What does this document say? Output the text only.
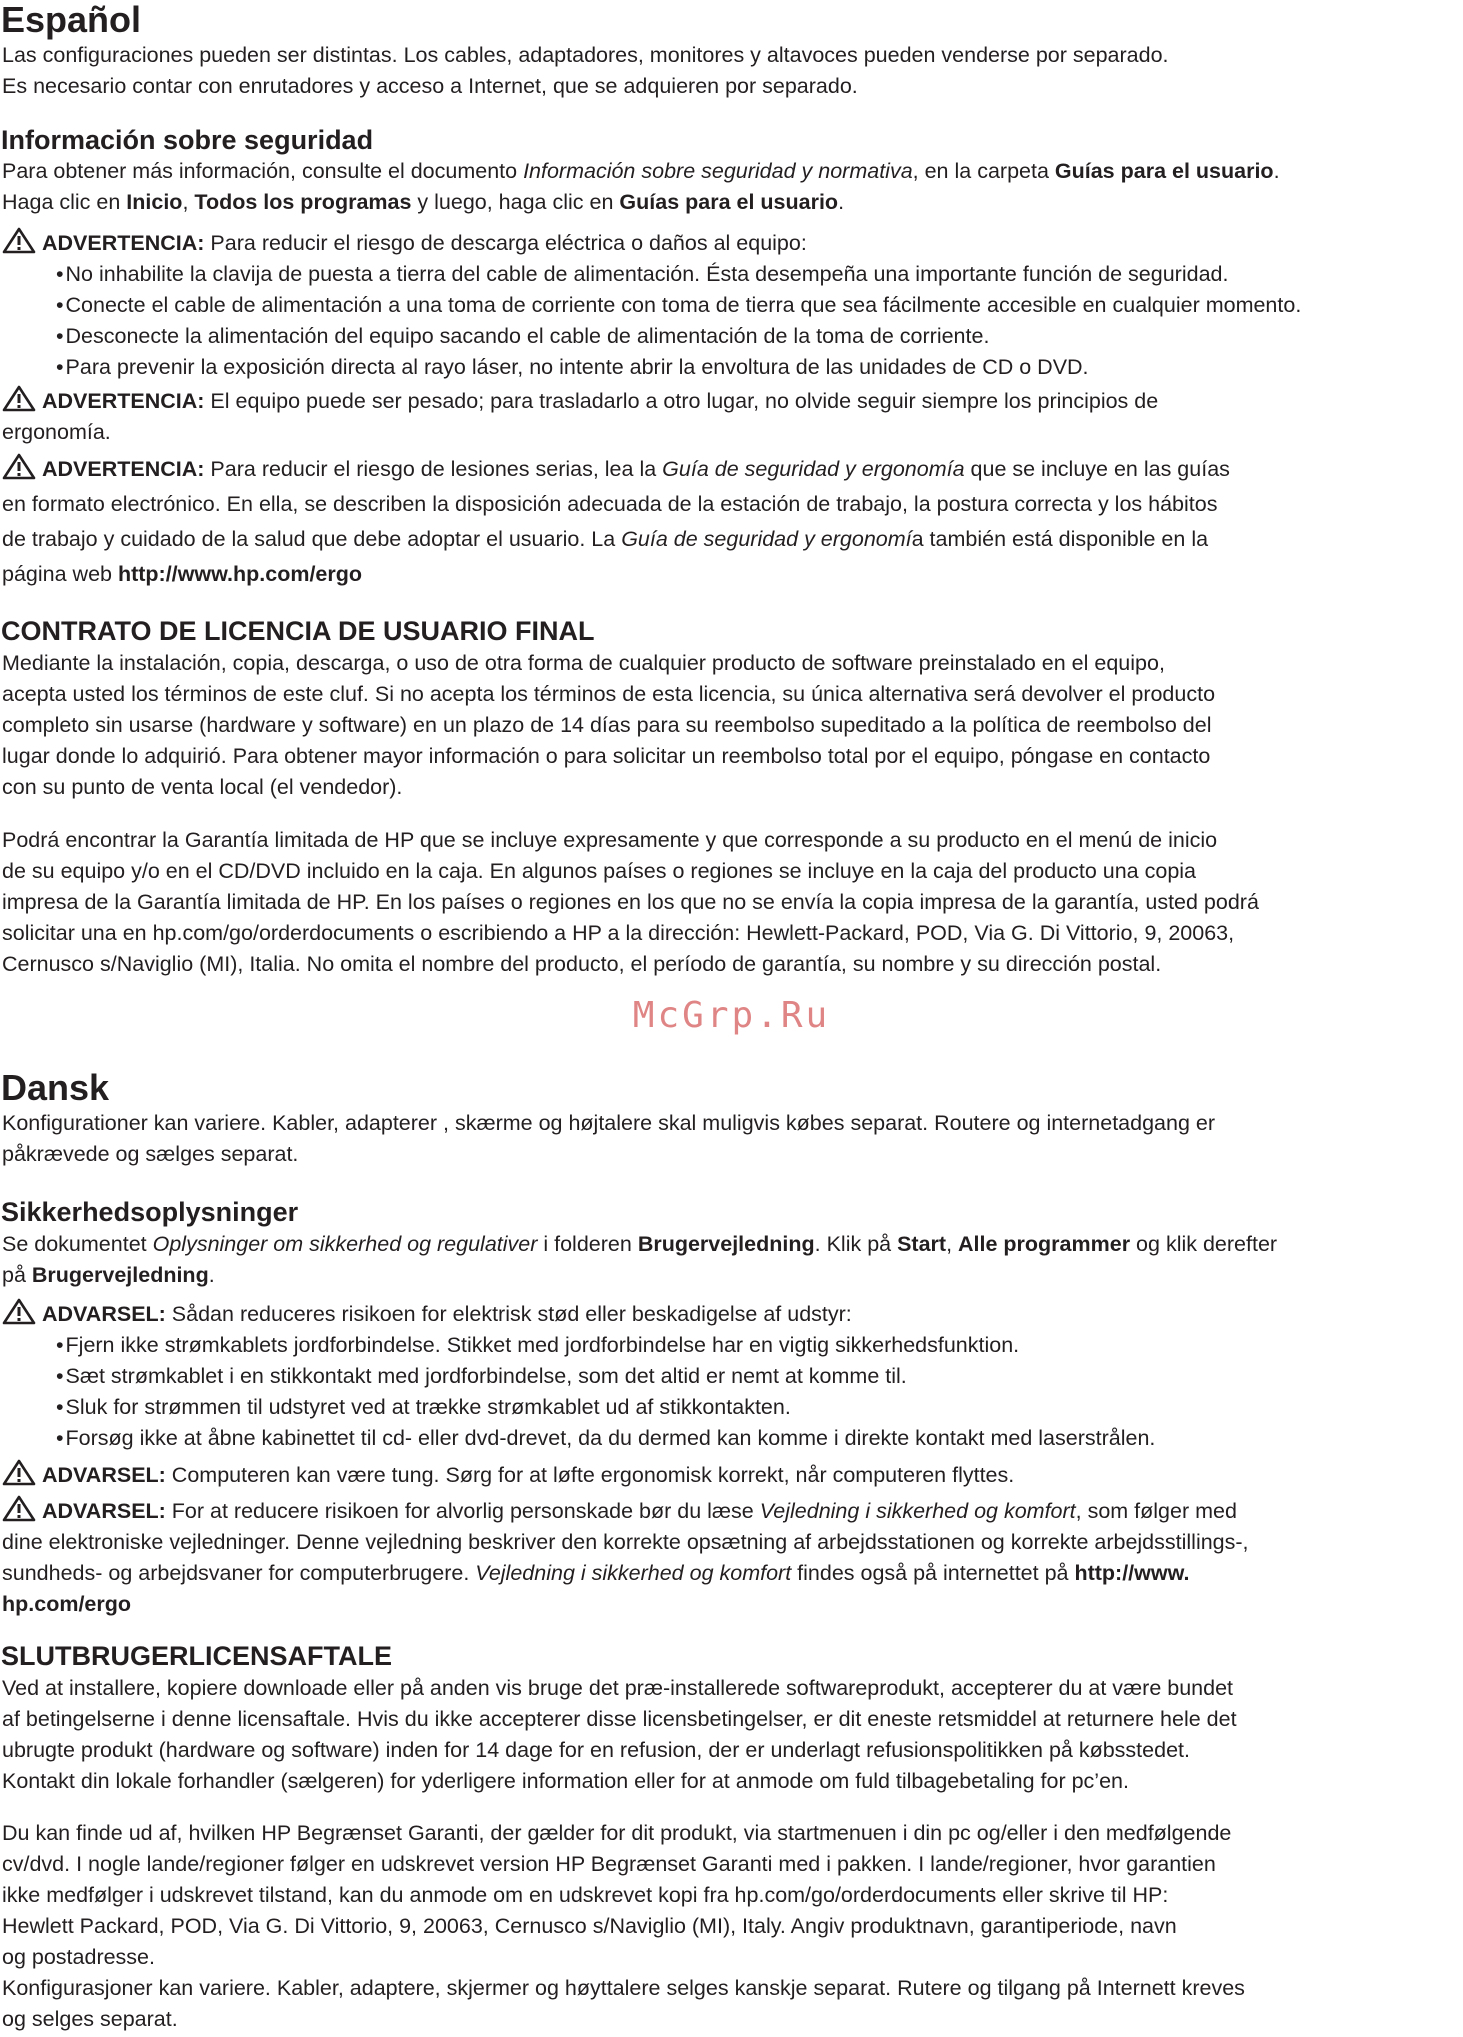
Español
Las configuraciones pueden ser distintas. Los cables, adaptadores, monitores y altavoces pueden venderse por separado.
Es necesario contar con enrutadores y acceso a Internet, que se adquieren por separado.
Información sobre seguridad
Para obtener más información, consulte el documento Información sobre seguridad y normativa, en la carpeta Guías para el usuario.
Haga clic en Inicio, Todos los programas y luego, haga clic en Guías para el usuario.
ADVERTENCIA: Para reducir el riesgo de descarga eléctrica o daños al equipo:
•No inhabilite la clavija de puesta a tierra del cable de alimentación. Ésta desempeña una importante función de seguridad.
•Conecte el cable de alimentación a una toma de corriente con toma de tierra que sea fácilmente accesible en cualquier momento.
•Desconecte la alimentación del equipo sacando el cable de alimentación de la toma de corriente.
•Para prevenir la exposición directa al rayo láser, no intente abrir la envoltura de las unidades de CD o DVD.
ADVERTENCIA: El equipo puede ser pesado; para trasladarlo a otro lugar, no olvide seguir siempre los principios de
ergonomía.
ADVERTENCIA: Para reducir el riesgo de lesiones serias, lea la Guía de seguridad y ergonomía que se incluye en las guías
en formato electrónico. En ella, se describen la disposición adecuada de la estación de trabajo, la postura correcta y los hábitos
de trabajo y cuidado de la salud que debe adoptar el usuario. La Guía de seguridad y ergonomía también está disponible en la
página web http://www.hp.com/ergo
CONTRATO DE LICENCIA DE USUARIO FINAL
Mediante la instalación, copia, descarga, o uso de otra forma de cualquier producto de software preinstalado en el equipo,
acepta usted los términos de este cluf. Si no acepta los términos de esta licencia, su única alternativa será devolver el producto
completo sin usarse (hardware y software) en un plazo de 14 días para su reembolso supeditado a la política de reembolso del
lugar donde lo adquirió. Para obtener mayor información o para solicitar un reembolso total por el equipo, póngase en contacto
con su punto de venta local (el vendedor).
Podrá encontrar la Garantía limitada de HP que se incluye expresamente y que corresponde a su producto en el menú de inicio
de su equipo y/o en el CD/DVD incluido en la caja. En algunos países o regiones se incluye en la caja del producto una copia
impresa de la Garantía limitada de HP. En los países o regiones en los que no se envía la copia impresa de la garantía, usted podrá
solicitar una en hp.com/go/orderdocuments o escribiendo a HP a la dirección: Hewlett-Packard, POD, Via G. Di Vittorio, 9, 20063,
Cernusco s/Naviglio (MI), Italia. No omita el nombre del producto, el período de garantía, su nombre y su dirección postal.
McGrp.Ru
Dansk
Konfigurationer kan variere. Kabler, adapterer , skærme og højtalere skal muligvis købes separat. Routere og internetadgang er
påkrævede og sælges separat.
Sikkerhedsoplysninger
Se dokumentet Oplysninger om sikkerhed og regulativer i folderen Brugervejledning. Klik på Start, Alle programmer og klik derefter
på Brugervejledning.
ADVARSEL: Sådan reduceres risikoen for elektrisk stød eller beskadigelse af udstyr:
•Fjern ikke strømkablets jordforbindelse. Stikket med jordforbindelse har en vigtig sikkerhedsfunktion.
•Sæt strømkablet i en stikkontakt med jordforbindelse, som det altid er nemt at komme til.
•Sluk for strømmen til udstyret ved at trække strømkablet ud af stikkontakten.
•Forsøg ikke at åbne kabinettet til cd- eller dvd-drevet, da du dermed kan komme i direkte kontakt med laserstrålen.
ADVARSEL: Computeren kan være tung. Sørg for at løfte ergonomisk korrekt, når computeren flyttes.
ADVARSEL: For at reducere risikoen for alvorlig personskade bør du læse Vejledning i sikkerhed og komfort, som følger med
dine elektroniske vejledninger. Denne vejledning beskriver den korrekte opsætning af arbejdsstationen og korrekte arbejdsstillings-,
sundheds- og arbejdsvaner for computerbrugere. Vejledning i sikkerhed og komfort findes også på internettet på http://www.
hp.com/ergo
SLUTBRUGERLICENSAFTALE
Ved at installere, kopiere downloade eller på anden vis bruge det præ-installerede softwareprodukt, accepterer du at være bundet
af betingelserne i denne licensaftale. Hvis du ikke accepterer disse licensbetingelser, er dit eneste retsmiddel at returnere hele det
ubrugte produkt (hardware og software) inden for 14 dage for en refusion, der er underlagt refusionspolitikken på købsstedet.
Kontakt din lokale forhandler (sælgeren) for yderligere information eller for at anmode om fuld tilbagebetaling for pc’en.
Du kan finde ud af, hvilken HP Begrænset Garanti, der gælder for dit produkt, via startmenuen i din pc og/eller i den medfølgende
cv/dvd. I nogle lande/regioner følger en udskrevet version HP Begrænset Garanti med i pakken. I lande/regioner, hvor garantien
ikke medfølger i udskrevet tilstand, kan du anmode om en udskrevet kopi fra hp.com/go/orderdocuments eller skrive til HP:
Hewlett Packard, POD, Via G. Di Vittorio, 9, 20063, Cernusco s/Naviglio (MI), Italy. Angiv produktnavn, garantiperiode, navn
og postadresse.
Konfigurasjoner kan variere. Kabler, adaptere, skjermer og høyttalere selges kanskje separat. Rutere og tilgang på Internett kreves
og selges separat.
